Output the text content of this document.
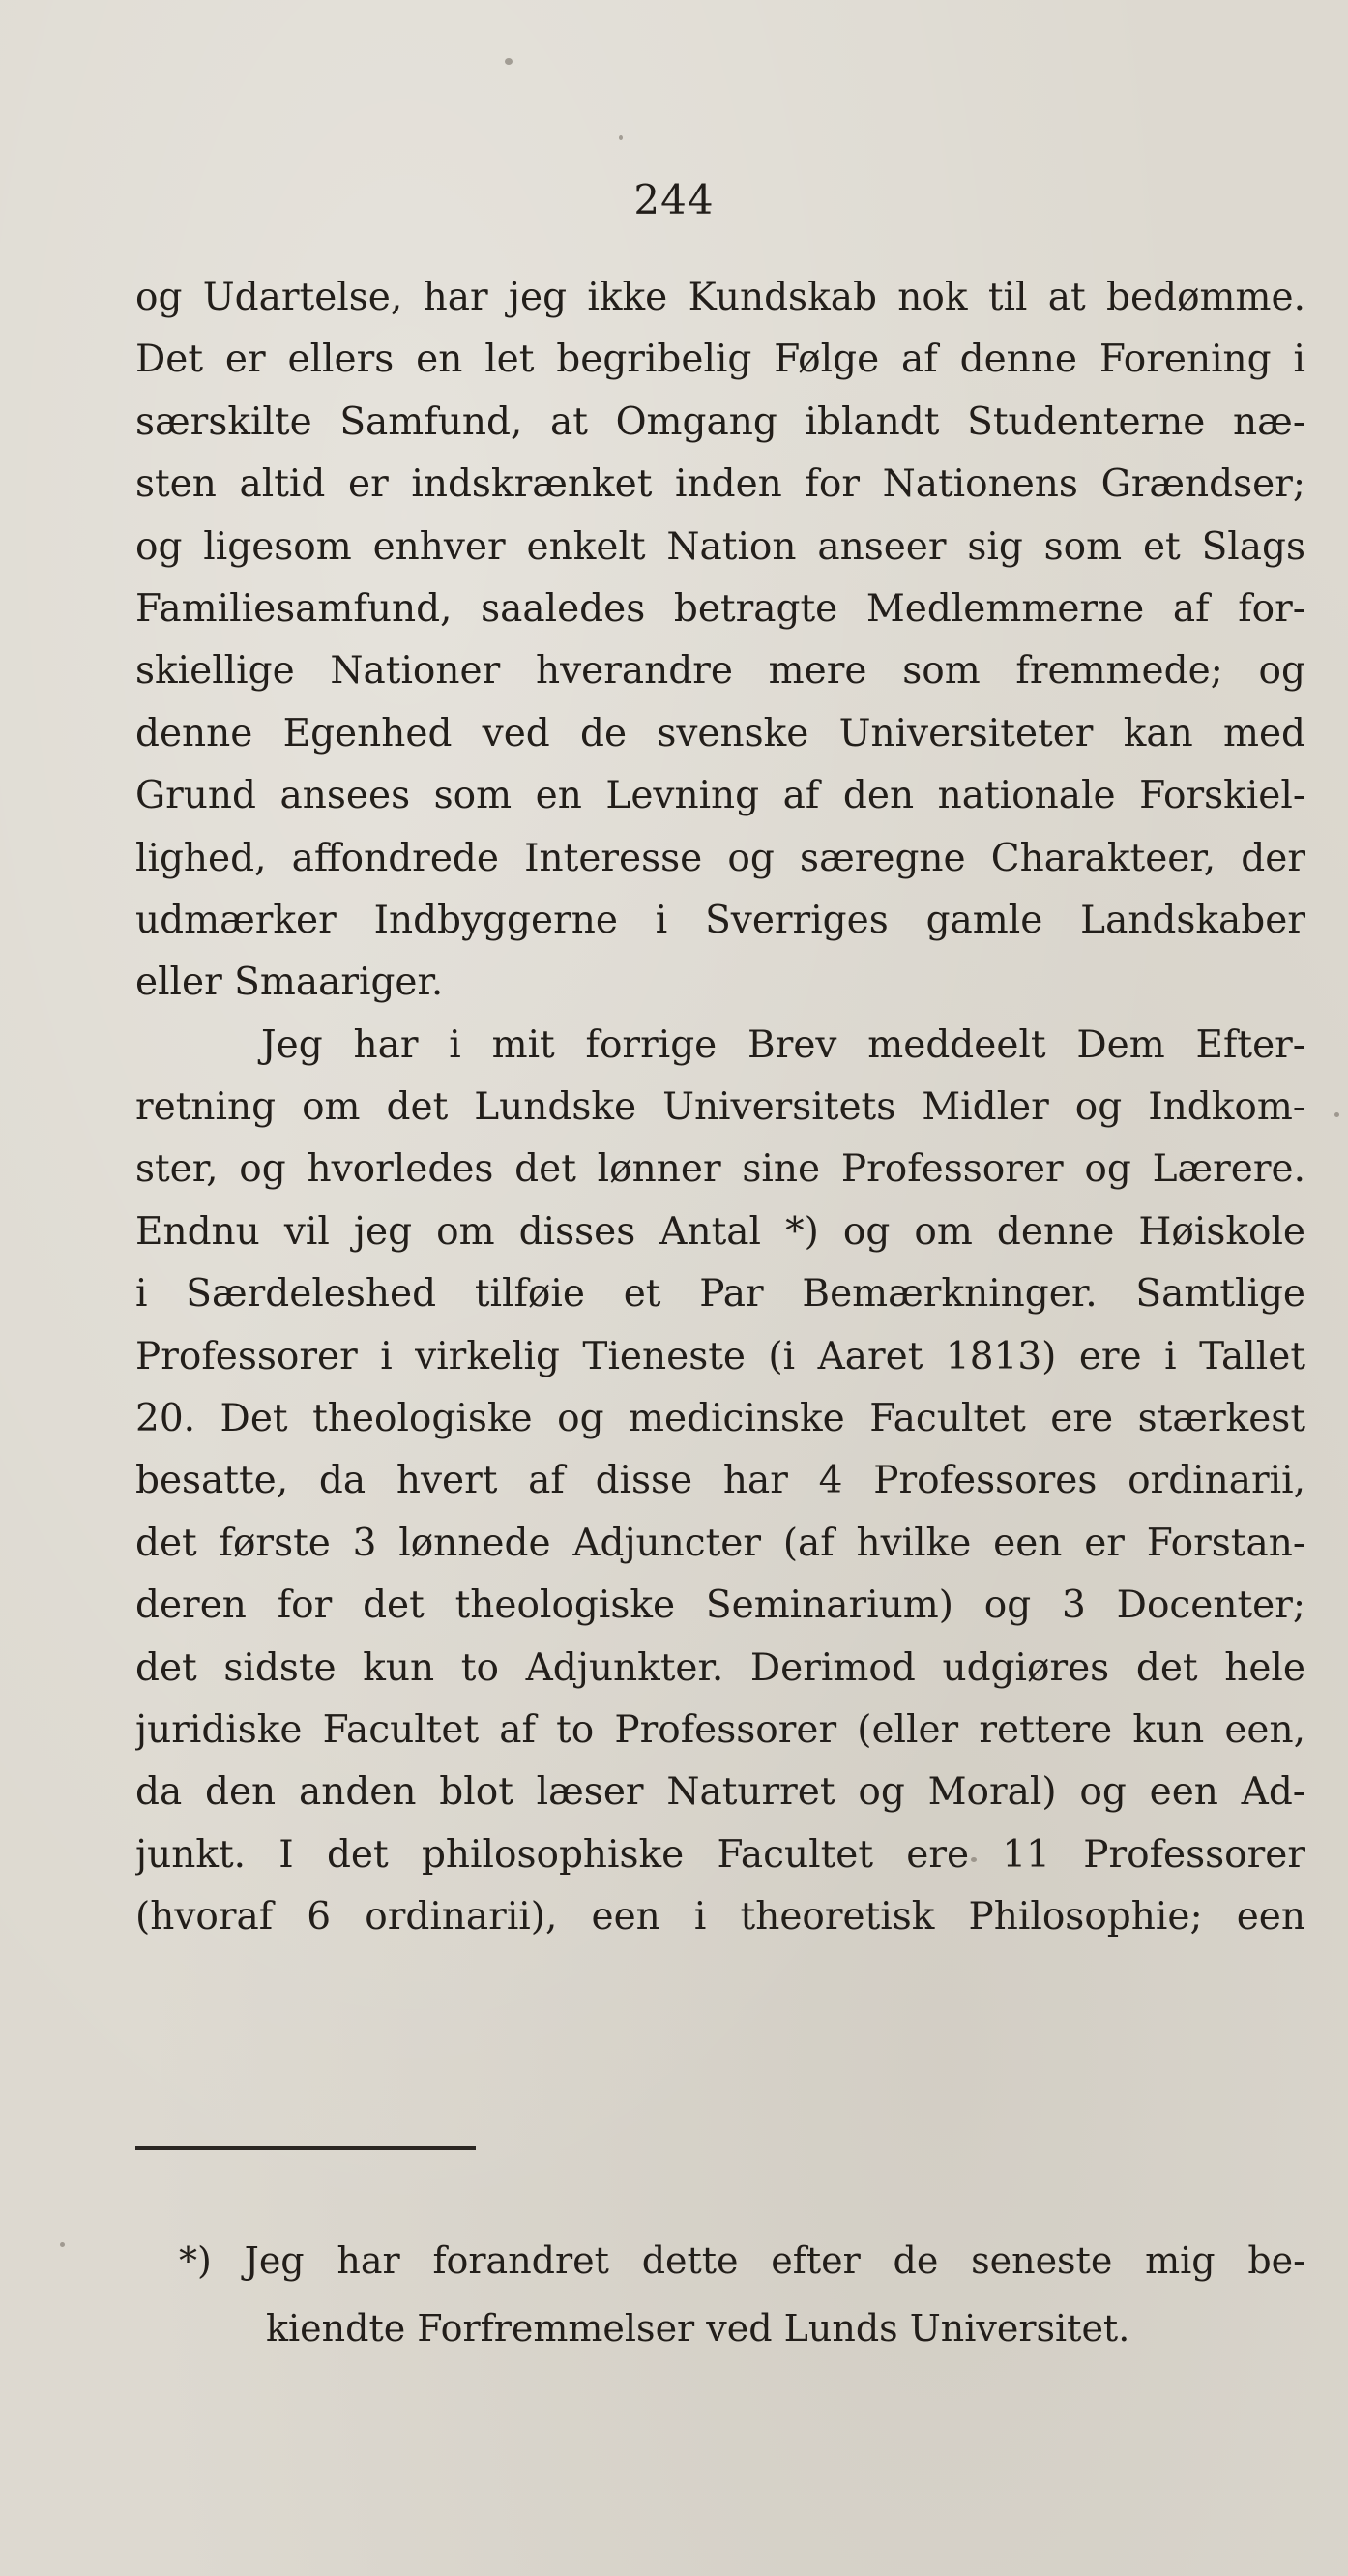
244
og Udartelse, har jeg ikke Kundskab nok til at bedømme.
Det er ellers en let begribelig Følge af denne Forening i
særskilte Samfund, at Omgang iblandt Studenterne næ-
sten altid er indskrænket inden for Nationens Grændser;
og ligesom enhver enkelt Nation anseer sig som et Slags
Familiesamfund, saaledes betragte Medlemmerne af for-
skiellige Nationer hverandre mere som fremmede; og
denne Egenhed ved de svenske Universiteter kan med
Grund ansees som en Levning af den nationale Forskiel-
lighed, affondrede Interesse og særegne Charakteer, der
udmærker Indbyggerne i Sverriges gamle Landskaber
eller Smaariger.
Jeg har i mit forrige Brev meddeelt Dem Efter-
retning om det Lundske Universitets Midler og Indkom-
ster, og hvorledes det lønner sine Professorer og Lærere.
Endnu vil jeg om disses Antal *) og om denne Høiskole
i Særdeleshed tilføie et Par Bemærkninger. Samtlige
Professorer i virkelig Tieneste (i Aaret 1813) ere i Tallet
20. Det theologiske og medicinske Facultet ere stærkest
besatte, da hvert af disse har 4 Professores ordinarii,
det første 3 lønnede Adjuncter (af hvilke een er Forstan-
deren for det theologiske Seminarium) og 3 Docenter;
det sidste kun to Adjunkter. Derimod udgiøres det hele
juridiske Facultet af to Professorer (eller rettere kun een,
da den anden blot læser Naturret og Moral) og een Ad-
junkt. I det philosophiske Facultet ere 11 Professorer
(hvoraf 6 ordinarii), een i theoretisk Philosophie; een
*) Jeg har forandret dette efter de seneste mig be-
kiendte Forfremmelser ved Lunds Universitet.
